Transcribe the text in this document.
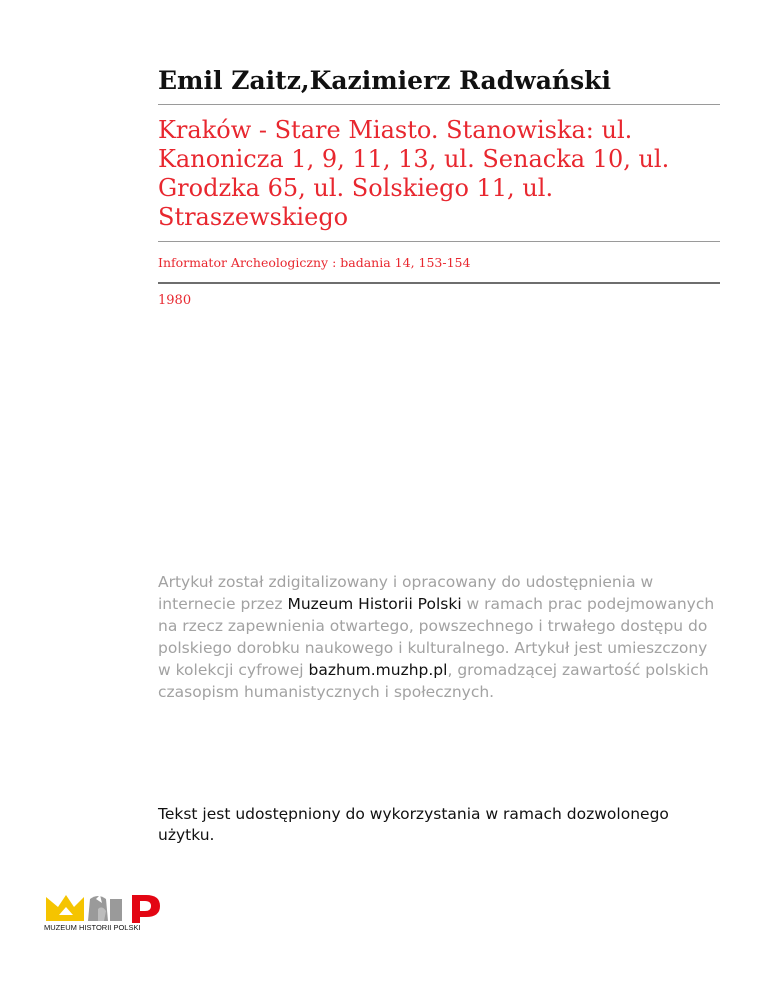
Emil Zaitz,Kazimierz Radwański
Kraków - Stare Miasto. Stanowiska: ul. Kanonicza 1, 9, 11, 13, ul. Senacka 10, ul. Grodzka 65, ul. Solskiego 11, ul. Straszewskiego
Informator Archeologiczny : badania 14, 153-154
1980
Artykuł został zdigitalizowany i opracowany do udostępnienia w internecie przez Muzeum Historii Polski w ramach prac podejmowanych na rzecz zapewnienia otwartego, powszechnego i trwałego dostępu do polskiego dorobku naukowego i kulturalnego. Artykuł jest umieszczony w kolekcji cyfrowej bazhum.muzhp.pl, gromadzącej zawartość polskich czasopism humanistycznych i społecznych.
Tekst jest udostępniony do wykorzystania w ramach dozwolonego użytku.
MUZEUM HISTORII POLSKI
